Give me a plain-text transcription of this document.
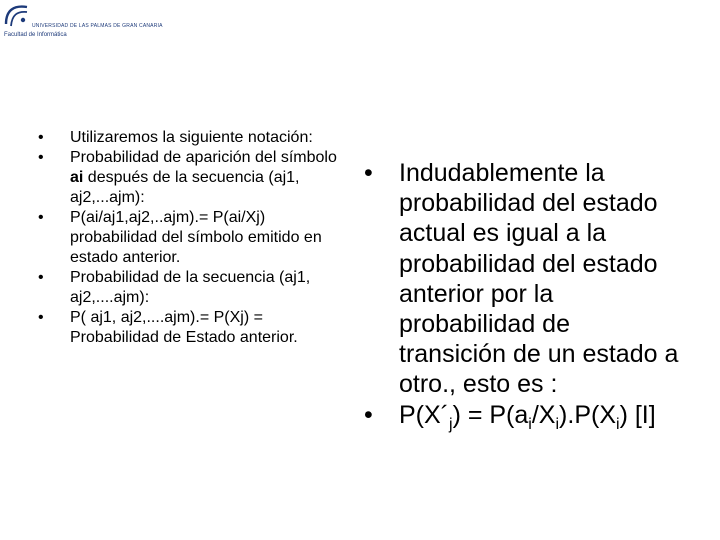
UNIVERSIDAD DE LAS PALMAS DE GRAN CANARIA
Facultad de Informática
•	Utilizaremos la siguiente notación:
•	Probabilidad de aparición del símbolo ai después de la secuencia (aj1, aj2,...ajm):
•	P(ai/aj1,aj2,..ajm).= P(ai/Xj) probabilidad del símbolo emitido en estado anterior.
•	Probabilidad de la secuencia (aj1, aj2,....ajm):
•	P( aj1, aj2,....ajm).= P(Xj) = Probabilidad de Estado anterior.
•	Indudablemente la probabilidad del estado actual es igual a la probabilidad del estado anterior por la probabilidad de transición de un estado a otro., esto es :
•	$P(X´_j) = P(a_i/X_i).P(X_i)$ [I]
